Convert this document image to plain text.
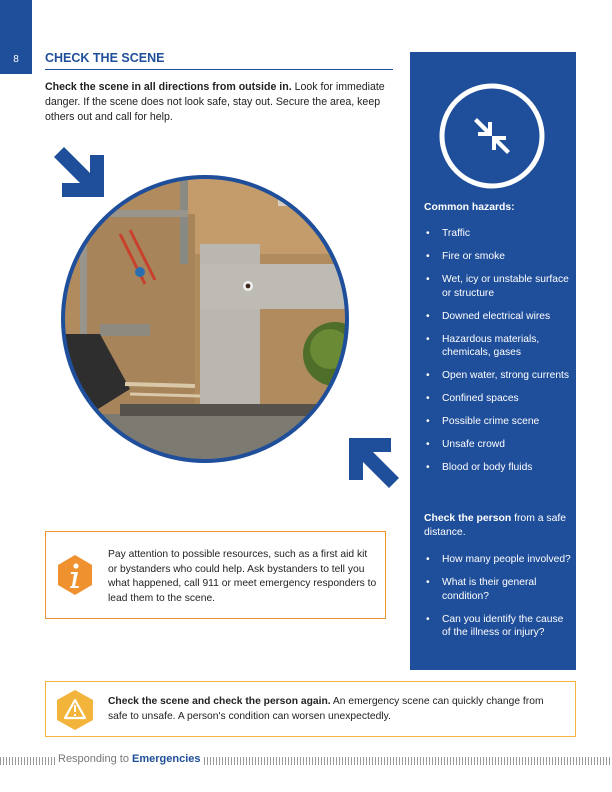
8	CHECK THE SCENE

Check the scene in all directions from outside in. Look for immediate danger. If the scene does not look safe, stay out. Secure the area, keep others out and call for help.

Common hazards:
• Traffic
• Fire or smoke
• Wet, icy or unstable surface or structure
• Downed electrical wires
• Hazardous materials, chemicals, gases
• Open water, strong currents
• Confined spaces
• Possible crime scene
• Unsafe crowd
• Blood or body fluids
Check the person from a safe distance.
• How many people involved?
• What is their general condition?
• Can you identify the cause of the illness or injury?
Pay attention to possible resources, such as a first aid kit or bystanders who could help. Ask bystanders to tell you what happened, call 911 or meet emergency responders to lead them to the scene.
Check the scene and check the person again. An emergency scene can quickly change from safe to unsafe. A person's condition can worsen unexpectedly.
Responding to Emergencies
